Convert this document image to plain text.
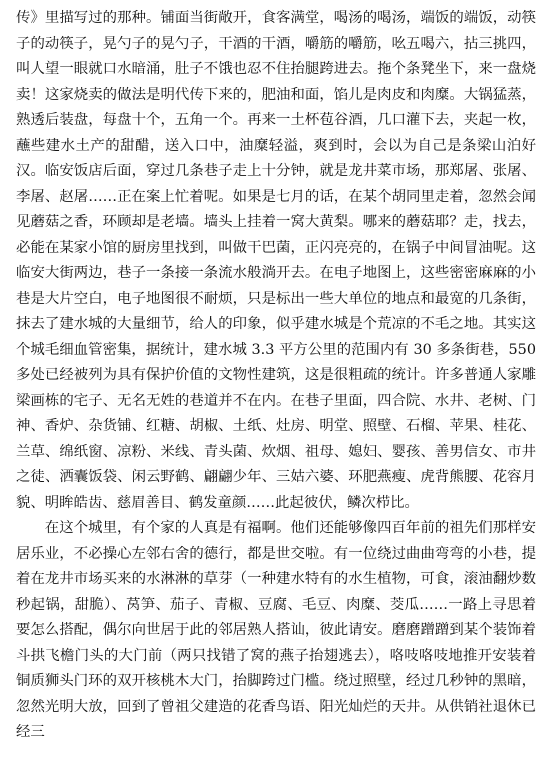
传》里描写过的那种。铺面当街敞开，食客满堂，喝汤的喝汤，端饭的端饭，动筷子的动筷子，晃勺子的晃勺子，干酒的干酒，嚼筋的嚼筋，吆五喝六，拈三挑四，叫人望一眼就口水暗涌，肚子不饿也忍不住抬腿跨进去。拖个条凳坐下，来一盘烧卖！这家烧卖的做法是明代传下来的，肥油和面，馅儿是肉皮和肉糜。大锅猛蒸，熟透后装盘，每盘十个，五角一个。再来一土杯苞谷酒，几口灌下去，夹起一枚，蘸些建水土产的甜醋，送入口中，油糜轻溢，爽到时，会以为自己是条梁山泊好汉。临安饭店后面，穿过几条巷子走上十分钟，就是龙井菜市场，那郑屠、张屠、李屠、赵屠……正在案上忙着呢。如果是七月的话，在某个胡同里走着，忽然会闻见蘑菇之香，环顾却是老墙。墙头上挂着一窝大黄梨。哪来的蘑菇耶？走，找去，必能在某家小馆的厨房里找到，叫做干巴菌，正闪亮亮的，在锅子中间冒油呢。这临安大街两边，巷子一条接一条流水般淌开去。在电子地图上，这些密密麻麻的小巷是大片空白，电子地图很不耐烦，只是标出一些大单位的地点和最宽的几条街，抹去了建水城的大量细节，给人的印象，似乎建水城是个荒凉的不毛之地。其实这个城毛细血管密集，据统计，建水城 3.3 平方公里的范围内有 30 多条街巷，550 多处已经被列为具有保护价值的文物性建筑，这是很粗疏的统计。许多普通人家雕梁画栋的宅子、无名无姓的巷道并不在内。在巷子里面，四合院、水井、老树、门神、香炉、杂货铺、红糖、胡椒、土纸、灶房、明堂、照壁、石榴、苹果、桂花、兰草、绵纸窗、凉粉、米线、青头菌、炊烟、祖母、媳妇、婴孩、善男信女、市井之徒、洒囊饭袋、闲云野鹤、翩翩少年、三姑六婆、环肥燕瘦、虎背熊腰、花容月貌、明眸皓齿、慈眉善目、鹤发童颜……此起彼伏，鳞次栉比。

在这个城里，有个家的人真是有福啊。他们还能够像四百年前的祖先们那样安居乐业，不必操心左邻右舍的德行，都是世交啦。有一位绕过曲曲弯弯的小巷，提着在龙井市场买来的水淋淋的草芽（一种建水特有的水生植物，可食，滚油翻炒数秒起锅，甜脆）、莴笋、茄子、青椒、豆腐、毛豆、肉糜、茭瓜……一路上寻思着要怎么搭配，偶尔向世居于此的邻居熟人搭讪，彼此请安。磨磨蹭蹭到某个装饰着斗拱飞檐门头的大门前（两只找错了窝的燕子抬翅逃去），咯吱咯吱地推开安装着铜质狮头门环的双开核桃木大门，抬脚跨过门槛。绕过照壁，经过几秒钟的黑暗，忽然光明大放，回到了曾祖父建造的花香鸟语、阳光灿烂的天井。从供销社退休已经三
